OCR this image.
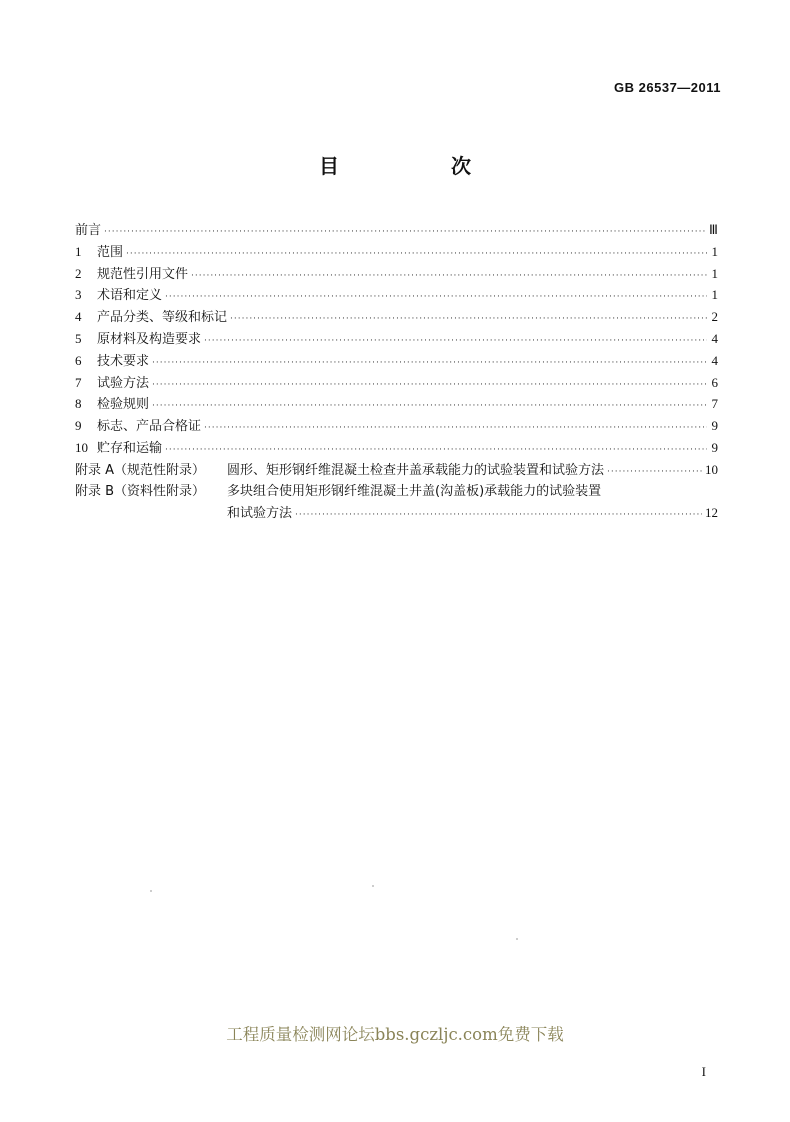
GB 26537—2011
目　次
前言 ·····	Ⅲ
1	范围 ·····	1
2	规范性引用文件 ·····	1
3	术语和定义 ·····	1
4	产品分类、等级和标记 ·····	2
5	原材料及构造要求 ·····	4
6	技术要求 ·····	4
7	试验方法 ·····	6
8	检验规则 ·····	7
9	标志、产品合格证 ·····	9
10 贮存和运输 ·····	9
附录 A（规范性附录）	圆形、矩形钢纤维混凝土检查井盖承载能力的试验装置和试验方法 ·····	10
附录 B（资料性附录）	多块组合使用矩形钢纤维混凝土井盖(沟盖板)承载能力的试验装置
和试验方法 ·····	12
工程质量检测网论坛bbs.gczljc.com免费下载
I
